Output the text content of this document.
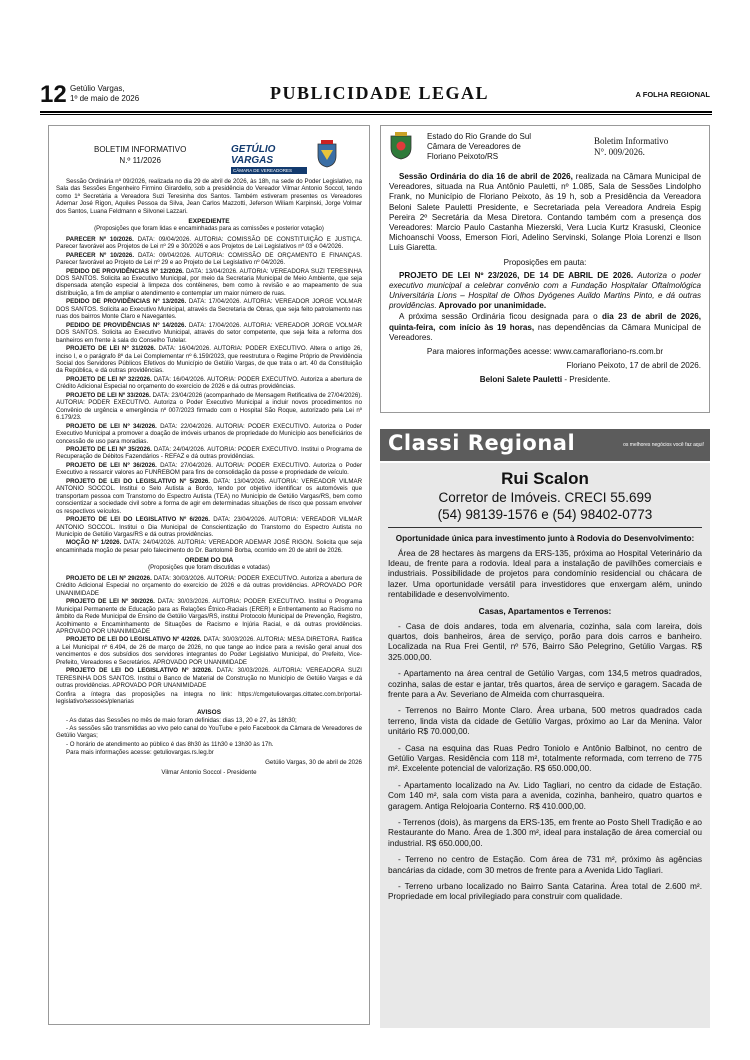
12 Getúlio Vargas,
1º de maio de 2026	PUBLICIDADE LEGAL	A FOLHA REGIONAL
BOLETIM INFORMATIVO
N.º 11/2026
GETÚLIO VARGAS
CÂMARA DE VEREADORES

Sessão Ordinária nº 09/2026, realizada no dia 29 de abril de 2026, às 18h, na sede do Poder Legislativo, na Sala das Sessões Engenheiro Firmino Girardello, sob a presidência do Vereador Vilmar Antonio Soccol, tendo como 1ª Secretária a Vereadora Suzi Teresinha dos Santos. Também estiveram presentes os Vereadores Ademar José Rigon, Aquiles Pessoa da Silva, Jean Carlos Mazzotti, Jeferson Wiliam Karpinski, Jorge Volmar dos Santos, Luana Feldmann e Silvonei Lazzari.

EXPEDIENTE
(Proposições que foram lidas e encaminhadas para as comissões e posterior votação)

PARECER Nº 10/2026. DATA: 09/04/2026. AUTORIA: COMISSÃO DE CONSTITUIÇÃO E JUSTIÇA. Parecer favorável aos Projetos de Lei nº 29 e 30/2026 e aos Projetos de Lei Legislativos nº 03 e 04/2026.

PARECER Nº 10/2026. DATA: 09/04/2026. AUTORIA: COMISSÃO DE ORÇAMENTO E FINANÇAS. Parecer favorável ao Projeto de Lei nº 29 e ao Projeto de Lei Legislativo nº 04/2026.

PEDIDO DE PROVIDÊNCIAS Nº 12/2026. DATA: 13/04/2026. AUTORIA: VEREADORA SUZI TERESINHA DOS SANTOS. Solicita ao Executivo Municipal, por meio da Secretaria Municipal de Meio Ambiente, que seja dispensada atenção especial à limpeza dos contêineres, bem como à revisão e ao mapeamento de sua distribuição, a fim de ampliar o atendimento e contemplar um maior número de ruas.

PEDIDO DE PROVIDÊNCIAS Nº 13/2026. DATA: 17/04/2026. AUTORIA: VEREADOR JORGE VOLMAR DOS SANTOS. Solicita ao Executivo Municipal, através da Secretaria de Obras, que seja feito patrolamento nas ruas dos bairros Monte Claro e Navegantes.

PEDIDO DE PROVIDÊNCIAS Nº 14/2026. DATA: 17/04/2026. AUTORIA: VEREADOR JORGE VOLMAR DOS SANTOS. Solicita ao Executivo Municipal, através do setor competente, que seja feita a reforma dos banheiros em frente à sala do Conselho Tutelar.

PROJETO DE LEI Nº 31/2026. DATA: 16/04/2026. AUTORIA: PODER EXECUTIVO. Altera o artigo 26, inciso I, e o parágrafo 8º da Lei Complementar nº 6.159/2023, que reestrutura o Regime Próprio de Previdência Social dos Servidores Públicos Efetivos do Município de Getúlio Vargas, de que trata o art. 40 da Constituição da República, e dá outras providências.

PROJETO DE LEI Nº 32/2026. DATA: 16/04/2026. AUTORIA: PODER EXECUTIVO. Autoriza a abertura de Crédito Adicional Especial no orçamento do exercício de 2026 e dá outras providências.

PROJETO DE LEI Nº 33/2026. DATA: 23/04/2026 (acompanhado de Mensagem Retificativa de 27/04/2026). AUTORIA: PODER EXECUTIVO. Autoriza o Poder Executivo Municipal a incluir novos procedimentos no Convênio de urgência e emergência nº 007/2023 firmado com o Hospital São Roque, autorizado pela Lei nº 6.179/23.

PROJETO DE LEI Nº 34/2026. DATA: 22/04/2026. AUTORIA: PODER EXECUTIVO. Autoriza o Poder Executivo Municipal a promover a doação de imóveis urbanos de propriedade do Município aos beneficiários de concessão de uso para moradias.

PROJETO DE LEI Nº 35/2026. DATA: 24/04/2026. AUTORIA: PODER EXECUTIVO. Institui o Programa de Recuperação de Débitos Fazendários - REFAZ e dá outras providências.

PROJETO DE LEI Nº 36/2026. DATA: 27/04/2026. AUTORIA: PODER EXECUTIVO. Autoriza o Poder Executivo a ressarcir valores ao FUNREBOM para fins de consolidação da posse e propriedade de veículo.

PROJETO DE LEI DO LEGISLATIVO Nº 5/2026. DATA: 13/04/2026. AUTORIA: VEREADOR VILMAR ANTONIO SOCCOL. Institui o Selo Autista a Bordo, tendo por objetivo identificar os automóveis que transportam pessoa com Transtorno do Espectro Autista (TEA) no Município de Getúlio Vargas/RS, bem como conscientizar a sociedade civil sobre a forma de agir em determinadas situações de risco que possam envolver os respectivos veículos.

PROJETO DE LEI DO LEGISLATIVO Nº 6/2026. DATA: 23/04/2026. AUTORIA: VEREADOR VILMAR ANTONIO SOCCOL. Institui o Dia Municipal de Conscientização do Transtorno do Espectro Autista no Município de Getúlio Vargas/RS e dá outras providências.

MOÇÃO Nº 1/2026. DATA: 24/04/2026. AUTORIA: VEREADOR ADEMAR JOSÉ RIGON. Solicita que seja encaminhada moção de pesar pelo falecimento do Dr. Bartolomê Borba, ocorrido em 20 de abril de 2026.

ORDEM DO DIA
(Proposições que foram discutidas e votadas)

PROJETO DE LEI Nº 29/2026. DATA: 30/03/2026. AUTORIA: PODER EXECUTIVO. Autoriza a abertura de Crédito Adicional Especial no orçamento do exercício de 2026 e dá outras providências. APROVADO POR UNANIMIDADE

PROJETO DE LEI Nº 30/2026. DATA: 30/03/2026. AUTORIA: PODER EXECUTIVO. Institui o Programa Municipal Permanente de Educação para as Relações Étnico-Raciais (ERER) e Enfrentamento ao Racismo no âmbito da Rede Municipal de Ensino de Getúlio Vargas/RS, institui Protocolo Municipal de Prevenção, Registro, Acolhimento e Encaminhamento de Situações de Racismo e Injúria Racial, e dá outras providências. APROVADO POR UNANIMIDADE

PROJETO DE LEI DO LEGISLATIVO Nº 4/2026. DATA: 30/03/2026. AUTORIA: MESA DIRETORA. Ratifica a Lei Municipal nº 6.494, de 26 de março de 2026, no que tange ao índice para a revisão geral anual dos vencimentos e dos subsídios dos servidores integrantes do Poder Legislativo Municipal, do Prefeito, Vice-Prefeito, Vereadores e Secretários. APROVADO POR UNANIMIDADE

PROJETO DE LEI DO LEGISLATIVO Nº 3/2026. DATA: 30/03/2026. AUTORIA: VEREADORA SUZI TERESINHA DOS SANTOS. Institui o Banco de Material de Construção no Município de Getúlio Vargas e dá outras providências. APROVADO POR UNANIMIDADE

Confira a íntegra das proposições na íntegra no link: https://cmgetuliovargas.cittatec.com.br/portal-legislativo/sessoes/plenarias

AVISOS

- As datas das Sessões no mês de maio foram definidas: dias 13, 20 e 27, às 18h30;

- As sessões são transmitidas ao vivo pelo canal do YouTube e pelo Facebook da Câmara de Vereadores de Getúlio Vargas;

- O horário de atendimento ao público é das 8h30 às 11h30 e 13h30 às 17h.

Para mais informações acesse: getuliovargas.rs.leg.br

Getúlio Vargas, 30 de abril de 2026
Vilmar Antonio Soccol - Presidente
Estado do Rio Grande do Sul
Câmara de Vereadores de
Floriano Peixoto/RS
Boletim Informativo
N°. 009/2026.

Sessão Ordinária do dia 16 de abril de 2026, realizada na Câmara Municipal de Vereadores, situada na Rua Antônio Pauletti, nº 1.085, Sala de Sessões Lindolpho Frank, no Município de Floriano Peixoto, às 19 h, sob a Presidência da Vereadora Beloni Salete Pauletti Presidente, e Secretariada pela Vereadora Andreia Espig Pereira 2º Secretária da Mesa Diretora. Contando também com a presença dos Vereadores: Marcio Paulo Castanha Miezerski, Vera Lucia Kurtz Krasuski, Cleonice Michoanschi Vooss, Emerson Fiori, Adelino Servinski, Solange Ploia Lorenzi e Ilson Luis Giaretta.

Proposições em pauta:

PROJETO DE LEI Nº 23/2026, DE 14 DE ABRIL DE 2026. Autoriza o poder executivo municipal a celebrar convênio com a Fundação Hospitalar Oftalmológica Universitária Lions – Hospital de Olhos Dyógenes Auildo Martins Pinto, e dá outras providências. Aprovado por unanimidade.

A próxima sessão Ordinária ficou designada para o dia 23 de abril de 2026, quinta-feira, com início às 19 horas, nas dependências da Câmara Municipal de Vereadores.

Para maiores informações acesse: www.camarafloriano-rs.com.br

Floriano Peixoto, 17 de abril de 2026.

Beloni Salete Pauletti - Presidente.

Classi Regional	os melhores negócios você faz aqui!

Rui Scalon

Corretor de Imóveis. CRECI 55.699

(54) 98139-1576 e (54) 98402-0773

Oportunidade única para investimento junto à Rodovia do Desenvolvimento:

Área de 28 hectares às margens da ERS-135, próxima ao Hospital Veterinário da Ideau, de frente para a rodovia. Ideal para a instalação de pavilhões comerciais e industriais. Possibilidade de projetos para condomínio residencial ou chácara de lazer. Uma oportunidade versátil para investidores que enxergam além, unindo rentabilidade e desenvolvimento.

Casas, Apartamentos e Terrenos:

- Casa de dois andares, toda em alvenaria, cozinha, sala com lareira, dois quartos, dois banheiros, área de serviço, porão para dois carros e banheiro. Localizada na Rua Frei Gentil, nº 576, Bairro São Pelegrino, Getúlio Vargas. R$ 325.000,00.

- Apartamento na área central de Getúlio Vargas, com 134,5 metros quadrados, cozinha, salas de estar e jantar, três quartos, área de serviço e garagem. Sacada de frente para a Av. Severiano de Almeida com churrasqueira.

- Terrenos no Bairro Monte Claro. Área urbana, 500 metros quadrados cada terreno, linda vista da cidade de Getúlio Vargas, próximo ao Lar da Menina. Valor unitário R$ 70.000,00.

- Casa na esquina das Ruas Pedro Toniolo e Antônio Balbinot, no centro de Getúlio Vargas. Residência com 118 m², totalmente reformada, com terreno de 775 m². Excelente potencial de valorização. R$ 650.000,00.

- Apartamento localizado na Av. Lido Tagliari, no centro da cidade de Estação. Com 140 m², sala com vista para a avenida, cozinha, banheiro, quatro quartos e garagem. Antiga Relojoaria Conterno. R$ 410.000,00.

- Terrenos (dois), às margens da ERS-135, em frente ao Posto Shell Tradição e ao Restaurante do Mano. Área de 1.300 m², ideal para instalação de área comercial ou industrial. R$ 650.000,00.

- Terreno no centro de Estação. Com área de 731 m², próximo às agências bancárias da cidade, com 30 metros de frente para a Avenida Lido Tagliari.

- Terreno urbano localizado no Bairro Santa Catarina. Área total de 2.600 m². Propriedade em local privilegiado para construir com qualidade.
